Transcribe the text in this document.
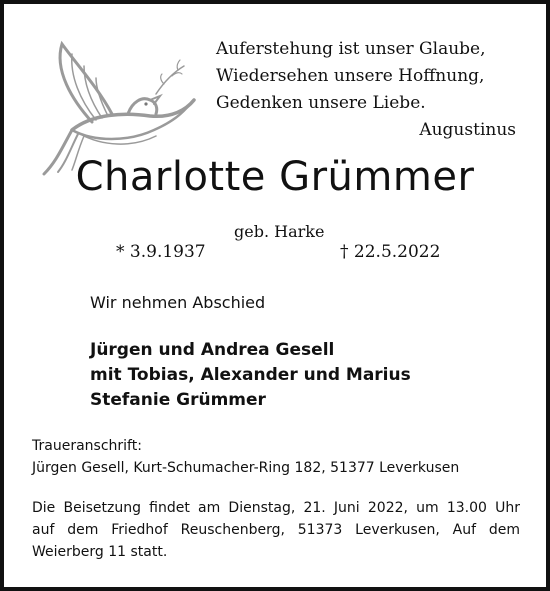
Auferstehung ist unser Glaube,
Wiedersehen unsere Hoffnung,
Gedenken unsere Liebe.
Augustinus
Charlotte Grümmer
geb. Harke
* 3.9.1937	† 22.5.2022
Wir nehmen Abschied
Jürgen und Andrea Gesell
mit Tobias, Alexander und Marius
Stefanie Grümmer
Traueranschrift:
Jürgen Gesell, Kurt-Schumacher-Ring 182, 51377 Leverkusen
Die Beisetzung findet am Dienstag, 21. Juni 2022, um 13.00 Uhr
auf dem Friedhof Reuschenberg, 51373 Leverkusen, Auf dem
Weierberg 11 statt.
